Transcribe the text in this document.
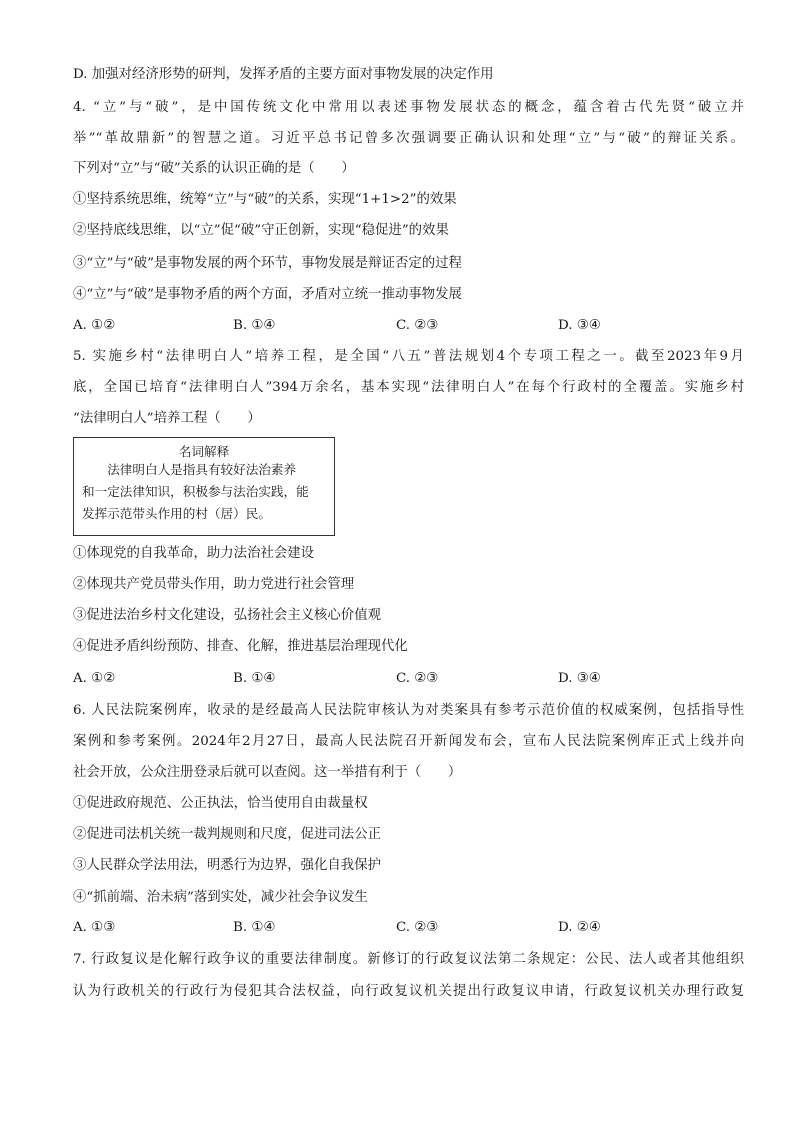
D. 加强对经济形势的研判，发挥矛盾的主要方面对事物发展的决定作用
4. “立”与“破”，是中国传统文化中常用以表述事物发展状态的概念，蕴含着古代先贤“破立并
举”“革故鼎新”的智慧之道。习近平总书记曾多次强调要正确认识和处理“立”与“破”的辩证关系。
下列对“立”与“破”关系的认识正确的是（　　）
①坚持系统思维，统筹“立”与“破”的关系，实现“1+1>2”的效果
②坚持底线思维，以“立”促“破”守正创新，实现“稳促进”的效果
③“立”与“破”是事物发展的两个环节，事物发展是辩证否定的过程
④“立”与“破”是事物矛盾的两个方面，矛盾对立统一推动事物发展
A. ①②	B. ①④	C. ②③	D. ③④
5. 实施乡村“法律明白人”培养工程，是全国“八五”普法规划4个专项工程之一。截至2023年9月
底，全国已培育“法律明白人”394万余名，基本实现“法律明白人”在每个行政村的全覆盖。实施乡村
“法律明白人”培养工程（　　）
名词解释
　　法律明白人是指具有较好法治素养
和一定法律知识，积极参与法治实践，能
发挥示范带头作用的村（居）民。
①体现党的自我革命，助力法治社会建设
②体现共产党员带头作用，助力党进行社会管理
③促进法治乡村文化建设，弘扬社会主义核心价值观
④促进矛盾纠纷预防、排查、化解，推进基层治理现代化
A. ①②	B. ①④	C. ②③	D. ③④
6. 人民法院案例库，收录的是经最高人民法院审核认为对类案具有参考示范价值的权威案例，包括指导性
案例和参考案例。2024年2月27日，最高人民法院召开新闻发布会，宣布人民法院案例库正式上线并向
社会开放，公众注册登录后就可以查阅。这一举措有利于（　　）
①促进政府规范、公正执法，恰当使用自由裁量权
②促进司法机关统一裁判规则和尺度，促进司法公正
③人民群众学法用法，明悉行为边界，强化自我保护
④“抓前端、治未病”落到实处，减少社会争议发生
A. ①③	B. ①④	C. ②③	D. ②④
7. 行政复议是化解行政争议的重要法律制度。新修订的行政复议法第二条规定：公民、法人或者其他组织
认为行政机关的行政行为侵犯其合法权益，向行政复议机关提出行政复议申请，行政复议机关办理行政复
